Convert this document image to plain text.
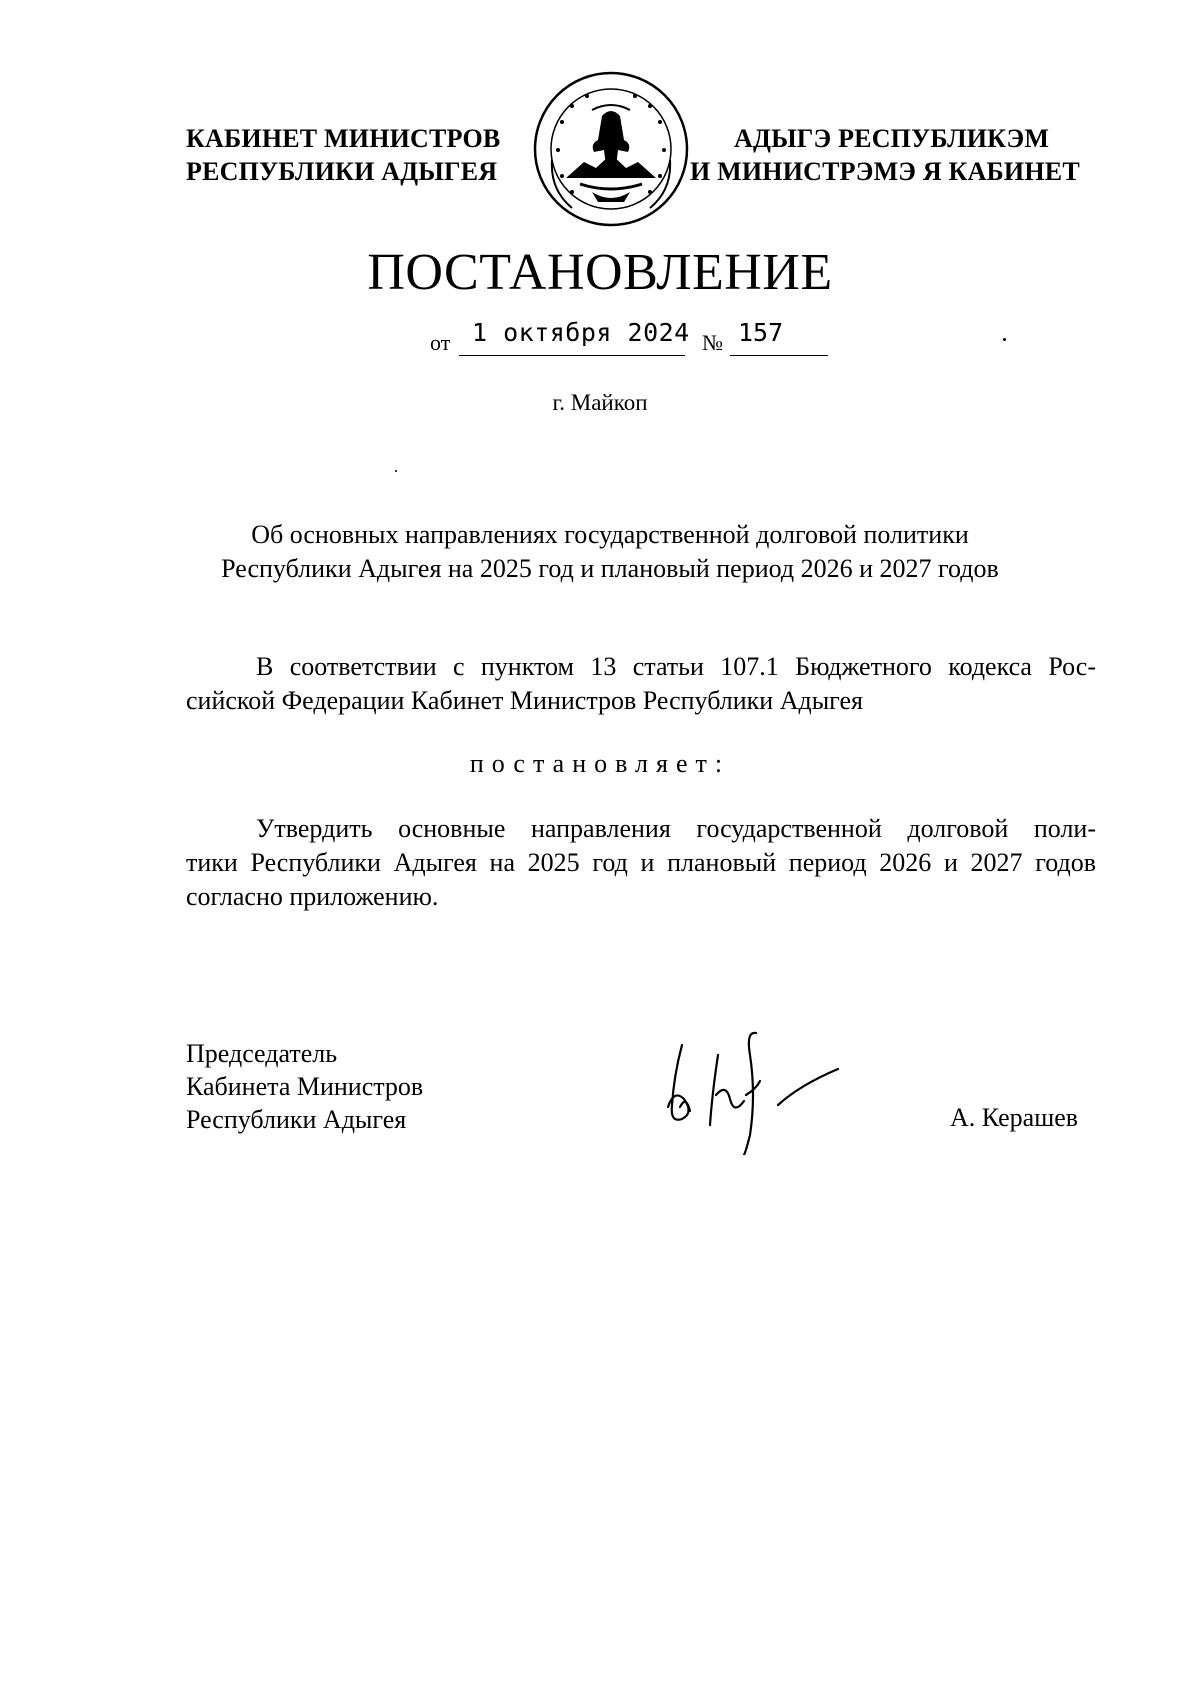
КАБИНЕТ МИНИСТРОВ
РЕСПУБЛИКИ АДЫГЕЯ
АДЫГЭ РЕСПУБЛИКЭМ
И МИНИСТРЭМЭ Я КАБИНЕТ
ПОСТАНОВЛЕНИЕ
от 1 октября 2024 № 157
г. Майкоп
Об основных направлениях государственной долговой политики
Республики Адыгея на 2025 год и плановый период 2026 и 2027 годов
В соответствии с пунктом 13 статьи 107.1 Бюджетного кодекса Рос-
сийской Федерации Кабинет Министров Республики Адыгея
постановляет:
Утвердить основные направления государственной долговой поли-
тики Республики Адыгея на 2025 год и плановый период 2026 и 2027 годов
согласно приложению.
Председатель
Кабинета Министров
Республики Адыгея	А. Керашев
